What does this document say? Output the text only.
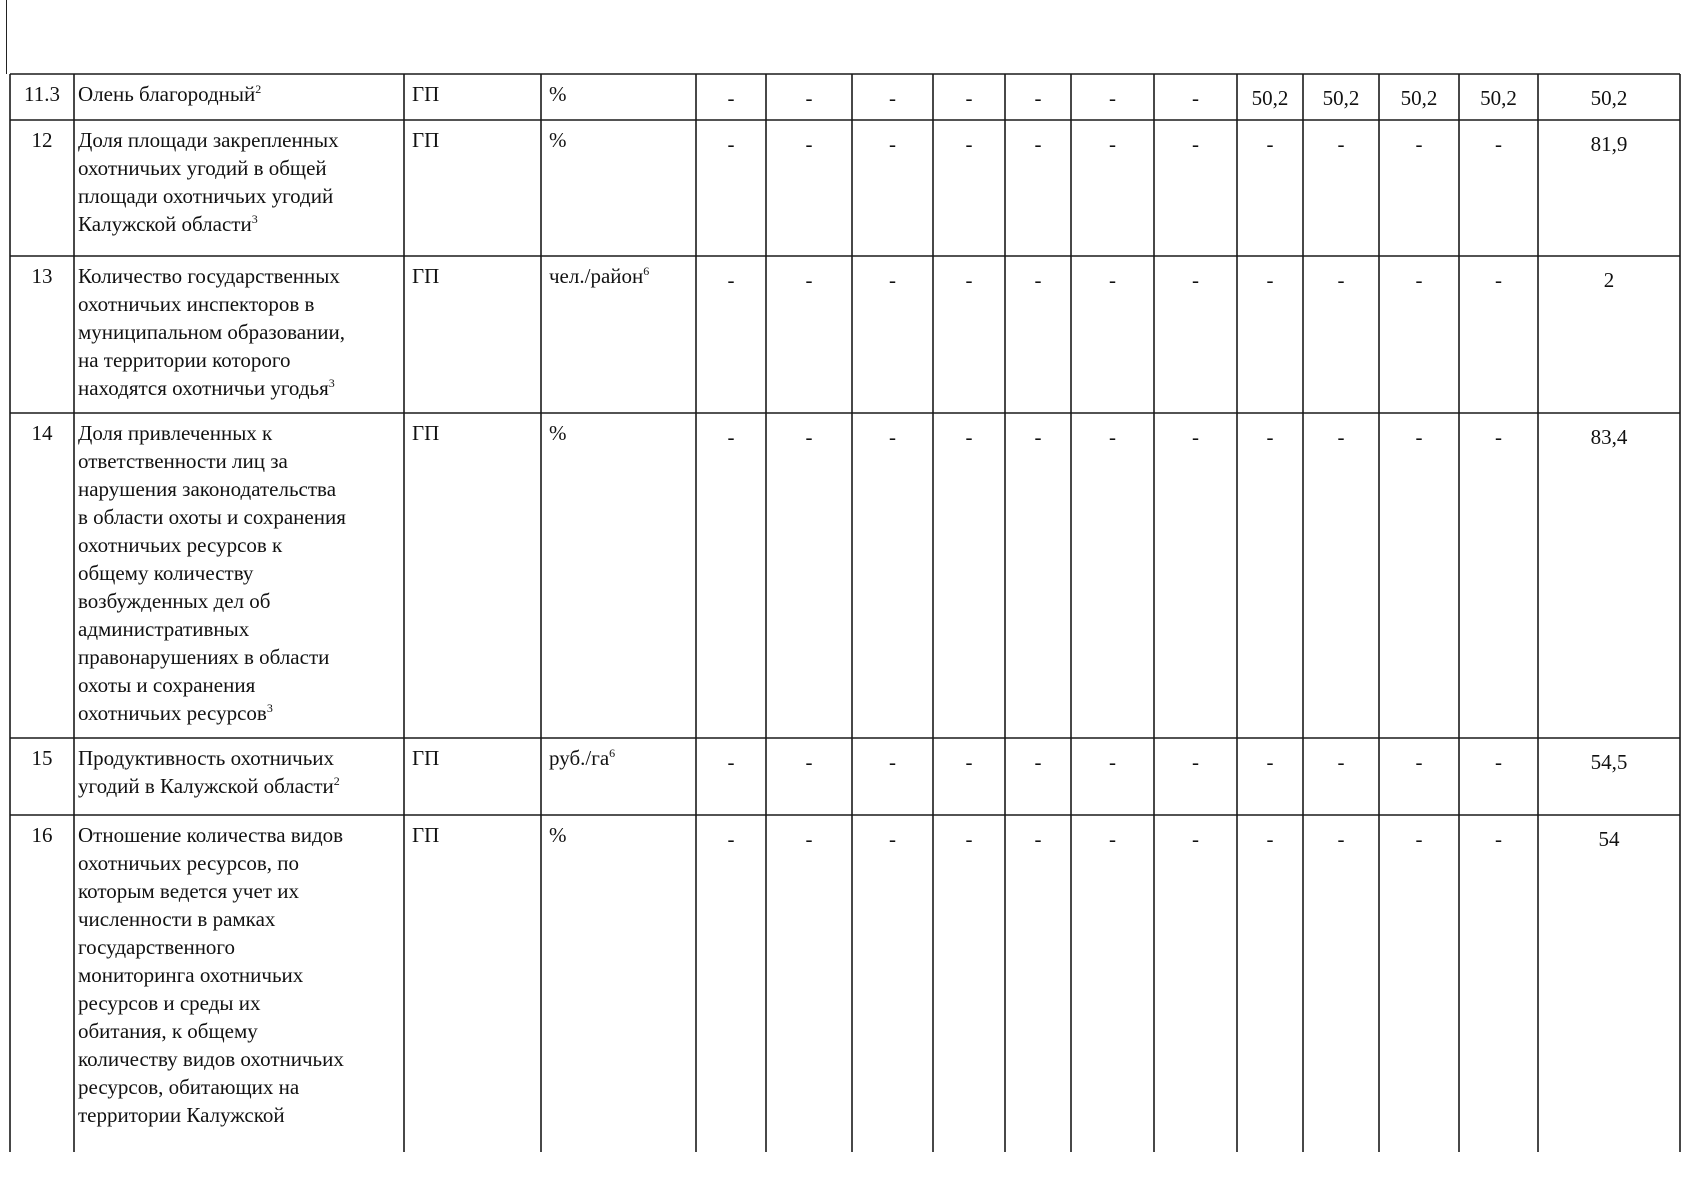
11.3 Олень благородный$^2$	ГП	%	-	-	-	-	-	-	-	50,2	50,2	50,2	50,2	50,2
12	Доля площади закрепленных
охотничьих угодий в общей
площади охотничьих угодий
Калужской области$^3$
ГП	%	-	-	-	-	-	-	-	-	-	-	-	81,9
13	Количество государственных
охотничьих инспекторов в
муниципальном образовании,
на территории которого
находятся охотничьи угодья$^3$
ГП	чел./район$^6$	-	-	-	-	-	-	-	-	-	-	-	2
14	Доля привлеченных к
ответственности лиц за
нарушения законодательства
в области охоты и сохранения
охотничьих ресурсов к
общему количеству
возбужденных дел об
административных
правонарушениях в области
охоты и сохранения
охотничьих ресурсов$^3$
ГП	%	-	-	-	-	-	-	-	-	-	-	-	83,4
15	Продуктивность охотничьих
угодий в Калужской области$^2$
ГП	$руб./га^6$	-	-	-	-	-	-	-	-	-	-	-	54,5
16	Отношение количества видов
охотничьих ресурсов, по
которым ведется учет их
численности в рамках
государственного
мониторинга охотничьих
ресурсов и среды их
обитания, к общему
количеству видов охотничьих
ресурсов, обитающих на
территории Калужской
ГП	%	-	-	-	-	-	-	-	-	-	-	-	54
